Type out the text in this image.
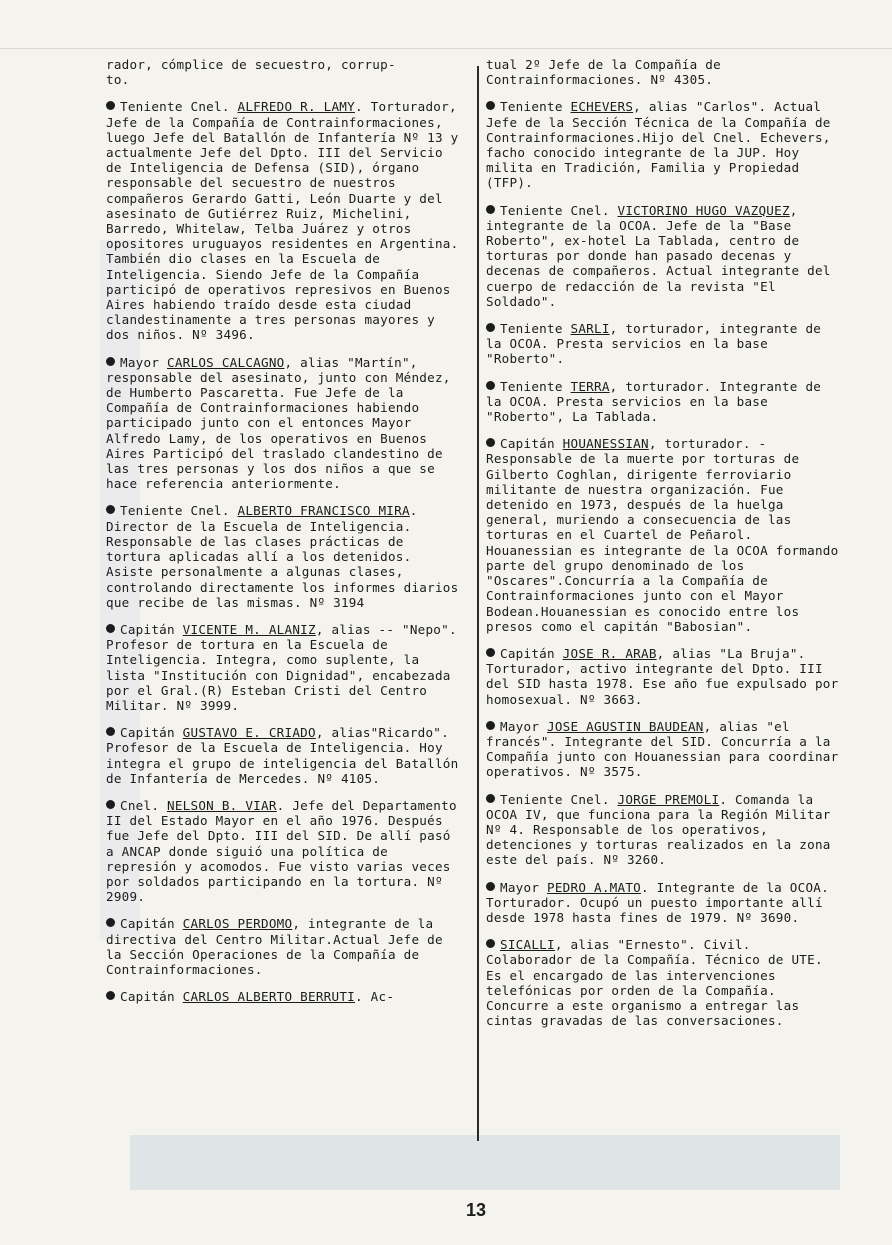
rador, cómplice de secuestro, corrup-
to.

Teniente Cnel. ALFREDO R. LAMY. Torturador, Jefe de la Compañía de Contrainformaciones, luego Jefe del Batallón de Infantería Nº 13 y actualmente Jefe del Dpto. III del Servicio de Inteligencia de Defensa (SID), órgano responsable del secuestro de nuestros compañeros Gerardo Gatti, León Duarte y del asesinato de Gutiérrez Ruiz, Michelini, Barredo, Whitelaw, Telba Juárez y otros opositores uruguayos residentes en Argentina.

También dio clases en la Escuela de Inteligencia. Siendo Jefe de la Compañía participó de operativos represivos en Buenos Aires habiendo traído desde esta ciudad clandestinamente a tres personas mayores y dos niños. Nº 3496.

Mayor CARLOS CALCAGNO, alias "Martín", responsable del asesinato, junto con Méndez, de Humberto Pascaretta. Fue Jefe de la Compañía de Contrainformaciones habiendo participado junto con el entonces Mayor Alfredo Lamy, de los operativos en Buenos Aires Participó del traslado clandestino de las tres personas y los dos niños a que se hace referencia anteriormente.

Teniente Cnel. ALBERTO FRANCISCO MIRA. Director de la Escuela de Inteligencia. Responsable de las clases prácticas de tortura aplicadas allí a los detenidos. Asiste personalmente a algunas clases, controlando directamente los informes diarios que recibe de las mismas. Nº 3194

Capitán VICENTE M. ALANIZ, alias -- "Nepo". Profesor de tortura en la Escuela de Inteligencia. Integra, como suplente, la lista "Institución con Dignidad", encabezada por el Gral.(R) Esteban Cristi del Centro Militar. Nº 3999.

Capitán GUSTAVO E. CRIADO, alias"Ricardo". Profesor de la Escuela de Inteligencia. Hoy integra el grupo de inteligencia del Batallón de Infantería de Mercedes. Nº 4105.

Cnel. NELSON B. VIAR. Jefe del Departamento II del Estado Mayor en el año 1976. Después fue Jefe del Dpto. III del SID. De allí pasó a ANCAP donde siguió una política de represión y acomodos. Fue visto varias veces por soldados participando en la tortura. Nº 2909.

Capitán CARLOS PERDOMO, integrante de la directiva del Centro Militar.Actual Jefe de la Sección Operaciones de la Compañía de Contrainformaciones.

Capitán CARLOS ALBERTO BERRUTI. Ac-

tual 2º Jefe de la Compañía de Contrainformaciones. Nº 4305.

Teniente ECHEVERS, alias "Carlos". Actual Jefe de la Sección Técnica de la Compañía de Contrainformaciones.Hijo del Cnel. Echevers, facho conocido integrante de la JUP. Hoy milita en Tradición, Familia y Propiedad (TFP).

Teniente Cnel. VICTORINO HUGO VAZQUEZ, integrante de la OCOA. Jefe de la "Base Roberto", ex-hotel La Tablada, centro de torturas por donde han pasado decenas y decenas de compañeros. Actual integrante del cuerpo de redacción de la revista "El Soldado".

Teniente SARLI, torturador, integrante de la OCOA. Presta servicios en la base "Roberto".

Teniente TERRA, torturador. Integrante de la OCOA. Presta servicios en la base "Roberto", La Tablada.

Capitán HOUANESSIAN, torturador. - Responsable de la muerte por torturas de Gilberto Coghlan, dirigente ferroviario militante de nuestra organización. Fue detenido en 1973, después de la huelga general, muriendo a consecuencia de las torturas en el Cuartel de Peñarol. Houanessian es integrante de la OCOA formando parte del grupo denominado de los "Oscares".Concurría a la Compañía de Contrainformaciones junto con el Mayor Bodean.Houanessian es conocido entre los presos como el capitán "Babosian".

Capitán JOSE R. ARAB, alias "La Bruja". Torturador, activo integrante del Dpto. III del SID hasta 1978. Ese año fue expulsado por homosexual. Nº 3663.

Mayor JOSE AGUSTIN BAUDEAN, alias "el francés". Integrante del SID. Concurría a la Compañía junto con Houanessian para coordinar operativos. Nº 3575.

Teniente Cnel. JORGE PREMOLI. Comanda la OCOA IV, que funciona para la Región Militar Nº 4. Responsable de los operativos, detenciones y torturas realizados en la zona este del país. Nº 3260.

Mayor PEDRO A.MATO. Integrante de la OCOA. Torturador. Ocupó un puesto importante allí desde 1978 hasta fines de 1979. Nº 3690.

SICALLI, alias "Ernesto". Civil. Colaborador de la Compañía. Técnico de UTE. Es el encargado de las intervenciones telefónicas por orden de la Compañía. Concurre a este organismo a entregar las cintas gravadas de las conversaciones.

13
